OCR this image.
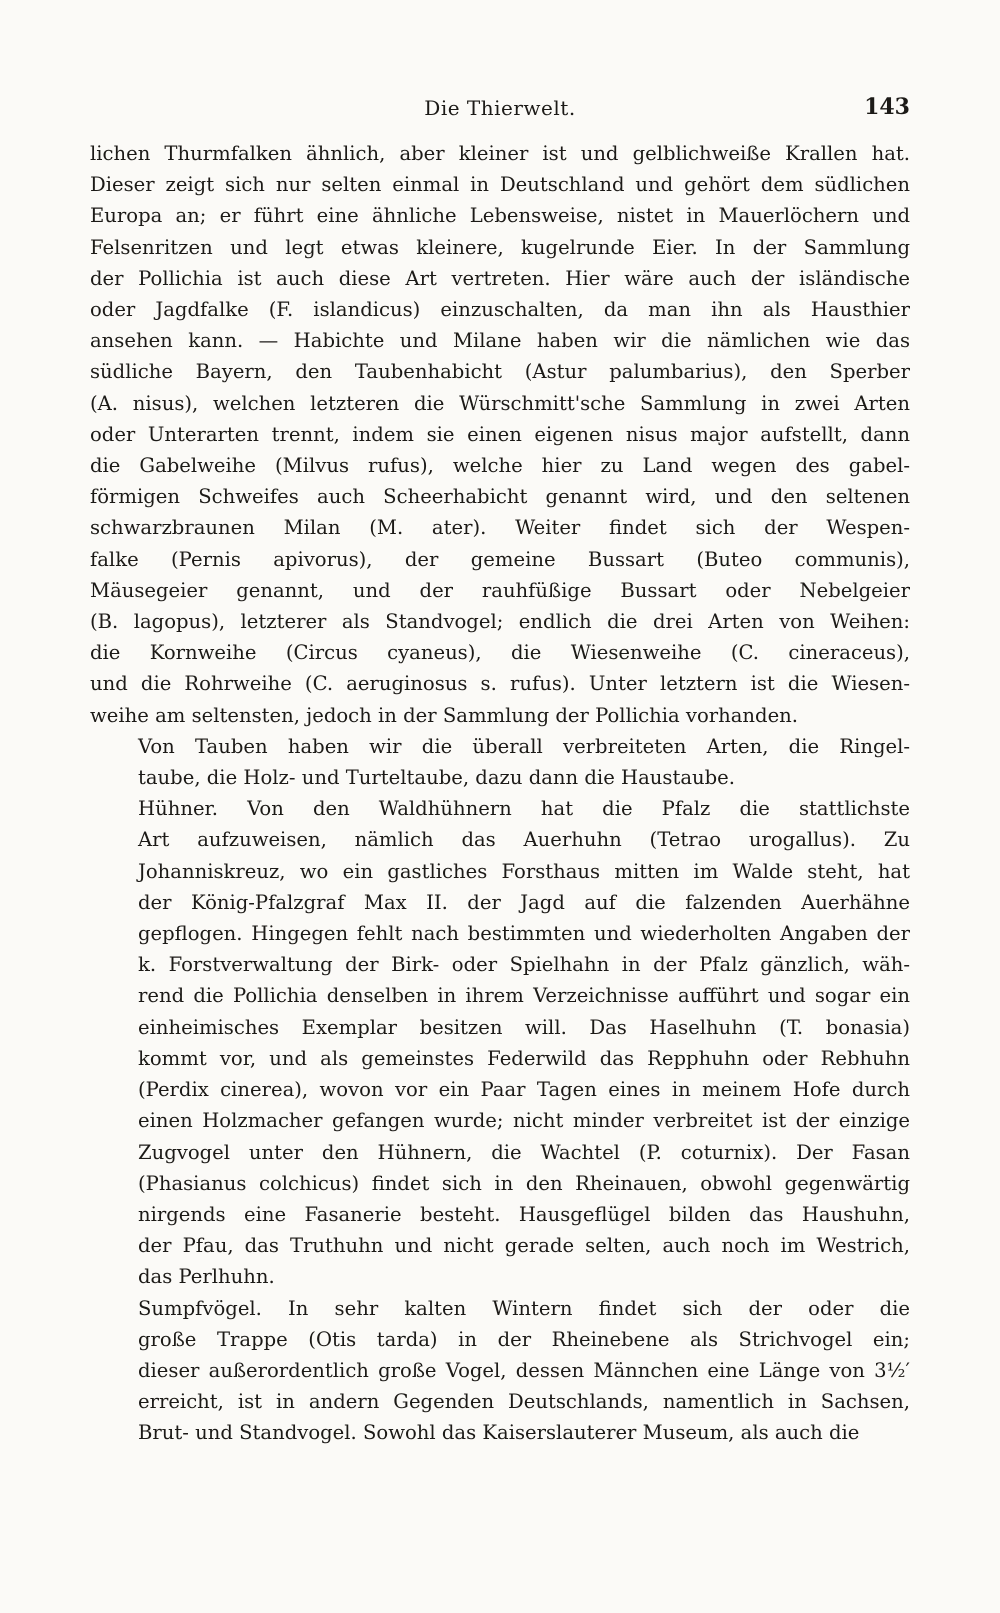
Die Thierwelt.	143

lichen Thurmfalken ähnlich, aber kleiner ist und gelblichweiße Krallen hat.
Dieser zeigt sich nur selten einmal in Deutschland und gehört dem südlichen
Europa an; er führt eine ähnliche Lebensweise, nistet in Mauerlöchern und
Felsenritzen und legt etwas kleinere, kugelrunde Eier. In der Sammlung
der Pollichia ist auch diese Art vertreten. Hier wäre auch der isländische
oder Jagdfalke (F. islandicus) einzuschalten, da man ihn als Hausthier
ansehen kann. — Habichte und Milane haben wir die nämlichen wie das
südliche Bayern, den Taubenhabicht (Astur palumbarius), den Sperber
(A. nisus), welchen letzteren die Würschmitt'sche Sammlung in zwei Arten
oder Unterarten trennt, indem sie einen eigenen nisus major aufstellt, dann
die Gabelweihe (Milvus rufus), welche hier zu Land wegen des gabel-
förmigen Schweifes auch Scheerhabicht genannt wird, und den seltenen
schwarzbraunen Milan (M. ater). Weiter findet sich der Wespen-
falke (Pernis apivorus), der gemeine Bussart (Buteo communis),
Mäusegeier genannt, und der rauhfüßige Bussart oder Nebelgeier
(B. lagopus), letzterer als Standvogel; endlich die drei Arten von Weihen:
die Kornweihe (Circus cyaneus), die Wiesenweihe (C. cineraceus),
und die Rohrweihe (C. aeruginosus s. rufus). Unter letztern ist die Wiesen-
weihe am seltensten, jedoch in der Sammlung der Pollichia vorhanden.

Von Tauben haben wir die überall verbreiteten Arten, die Ringel-
taube, die Holz- und Turteltaube, dazu dann die Haustaube.

Hühner. Von den Waldhühnern hat die Pfalz die stattlichste
Art aufzuweisen, nämlich das Auerhuhn (Tetrao urogallus). Zu
Johanniskreuz, wo ein gastliches Forsthaus mitten im Walde steht, hat
der König-Pfalzgraf Max II. der Jagd auf die falzenden Auerhähne
gepflogen. Hingegen fehlt nach bestimmten und wiederholten Angaben der
k. Forstverwaltung der Birk- oder Spielhahn in der Pfalz gänzlich, wäh-
rend die Pollichia denselben in ihrem Verzeichnisse aufführt und sogar ein
einheimisches Exemplar besitzen will. Das Haselhuhn (T. bonasia)
kommt vor, und als gemeinstes Federwild das Repphuhn oder Rebhuhn
(Perdix cinerea), wovon vor ein Paar Tagen eines in meinem Hofe durch
einen Holzmacher gefangen wurde; nicht minder verbreitet ist der einzige
Zugvogel unter den Hühnern, die Wachtel (P. coturnix). Der Fasan
(Phasianus colchicus) findet sich in den Rheinauen, obwohl gegenwärtig
nirgends eine Fasanerie besteht. Hausgeflügel bilden das Haushuhn,
der Pfau, das Truthuhn und nicht gerade selten, auch noch im Westrich,
das Perlhuhn.

Sumpfvögel. In sehr kalten Wintern findet sich der oder die
große Trappe (Otis tarda) in der Rheinebene als Strichvogel ein;
dieser außerordentlich große Vogel, dessen Männchen eine Länge von 3½′
erreicht, ist in andern Gegenden Deutschlands, namentlich in Sachsen,
Brut- und Standvogel. Sowohl das Kaiserslauterer Museum, als auch die
